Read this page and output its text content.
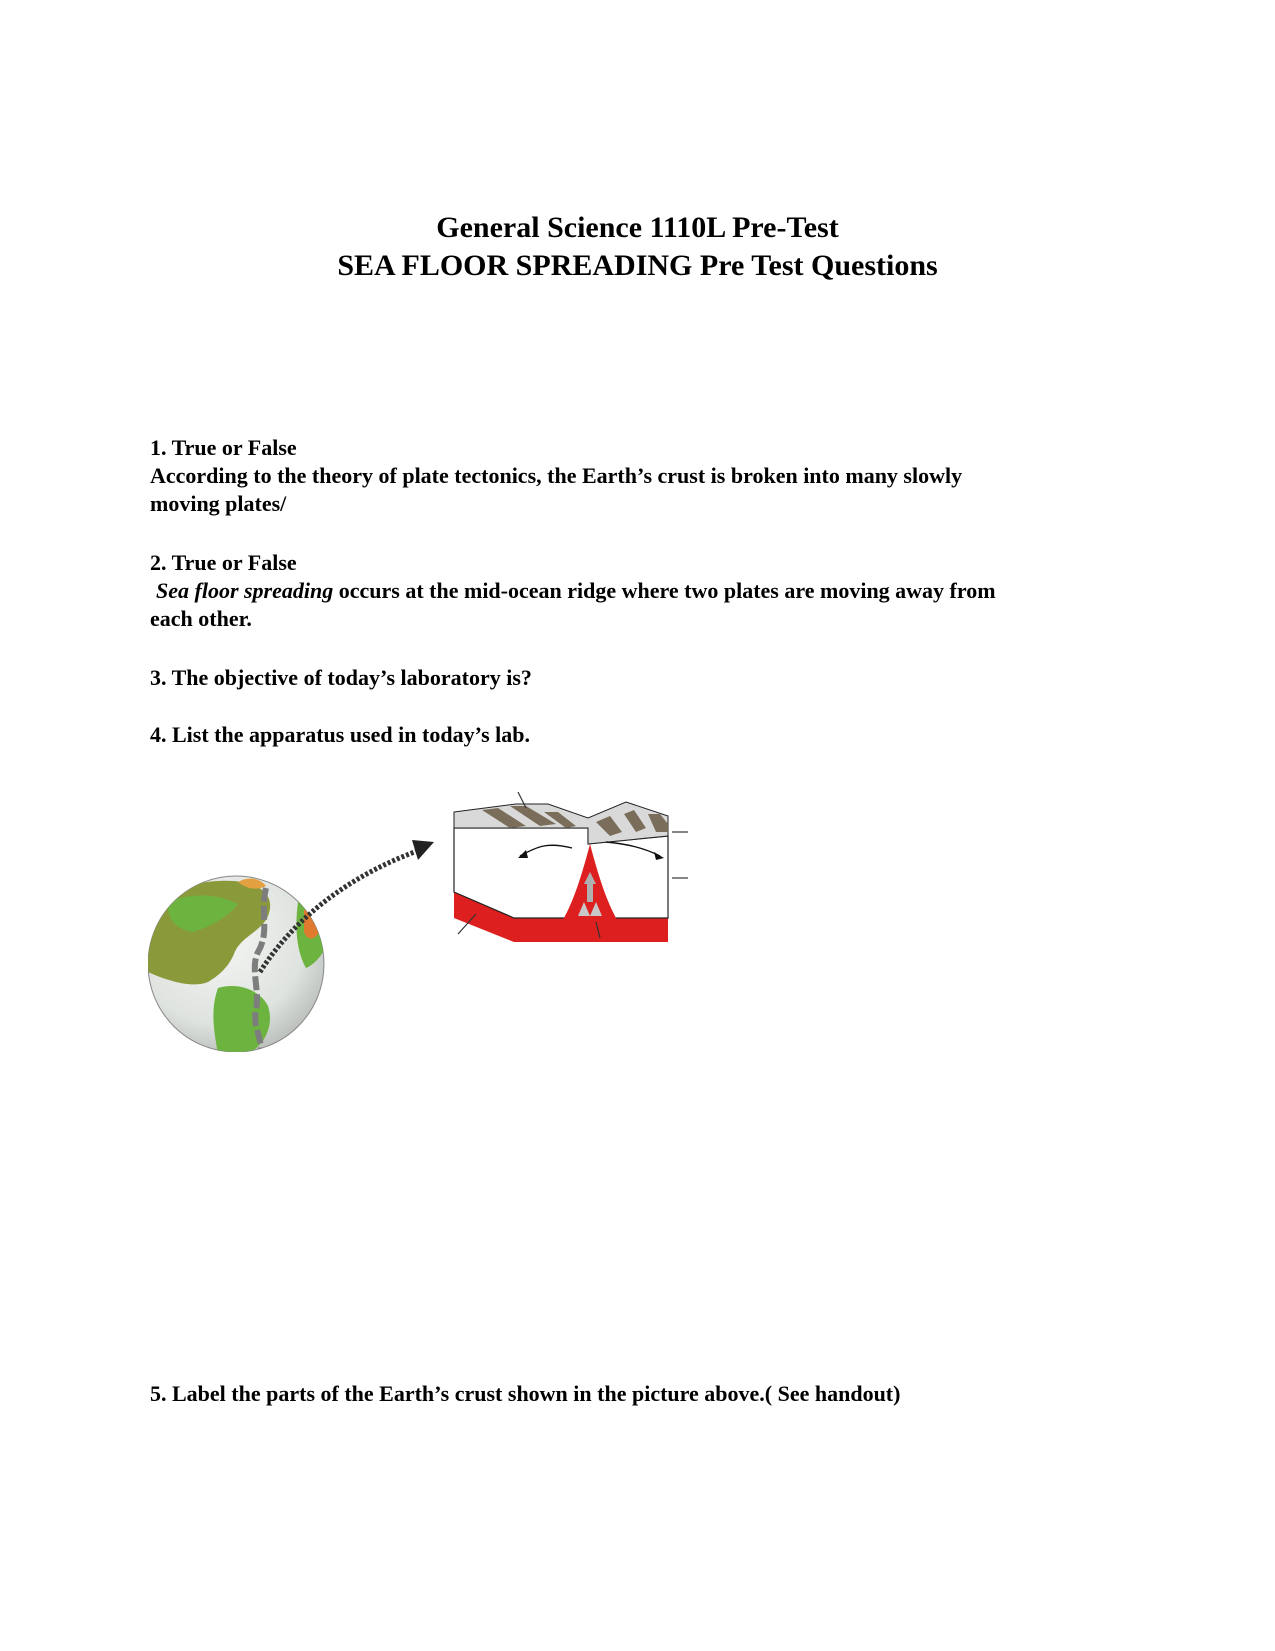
General Science 1110L Pre-Test
SEA FLOOR SPREADING Pre Test Questions
1. True or False
According to the theory of plate tectonics, the Earth’s crust is broken into many slowly
moving plates/
2. True or False
Sea floor spreading occurs at the mid-ocean ridge where two plates are moving away from
each other.
3. The objective of today’s laboratory is?
4. List the apparatus used in today’s lab.
5. Label the parts of the Earth’s crust shown in the picture above.( See handout)
